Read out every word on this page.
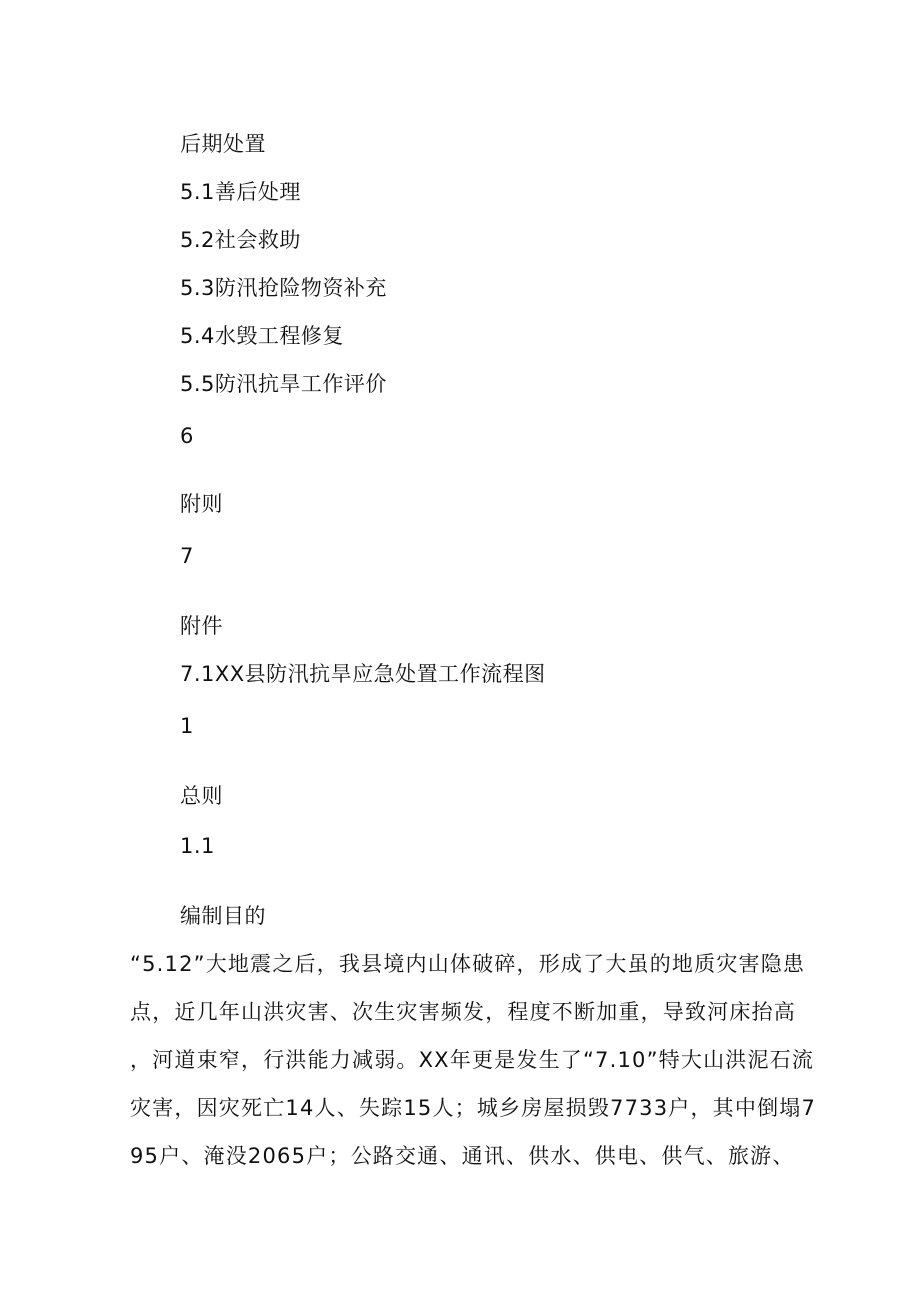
后期处置
5.1善后处理
5.2社会救助
5.3防汛抢险物资补充
5.4水毁工程修复
5.5防汛抗旱工作评价
6
附则
7
附件
7.1XX县防汛抗旱应急处置工作流程图
1
总则
1.1
编制目的
“5.12”大地震之后，我县境内山体破碎，形成了大虽的地质灾害隐患
点，近几年山洪灾害、次生灾害频发，程度不断加重，导致河床抬高
，河道束窄，行洪能力减弱。XX年更是发生了“7.10”特大山洪泥石流
灾害，因灾死亡14人、失踪15人；城乡房屋损毁7733户，其中倒塌7
95户、淹没2065户；公路交通、通讯、供水、供电、供气、旅游、
